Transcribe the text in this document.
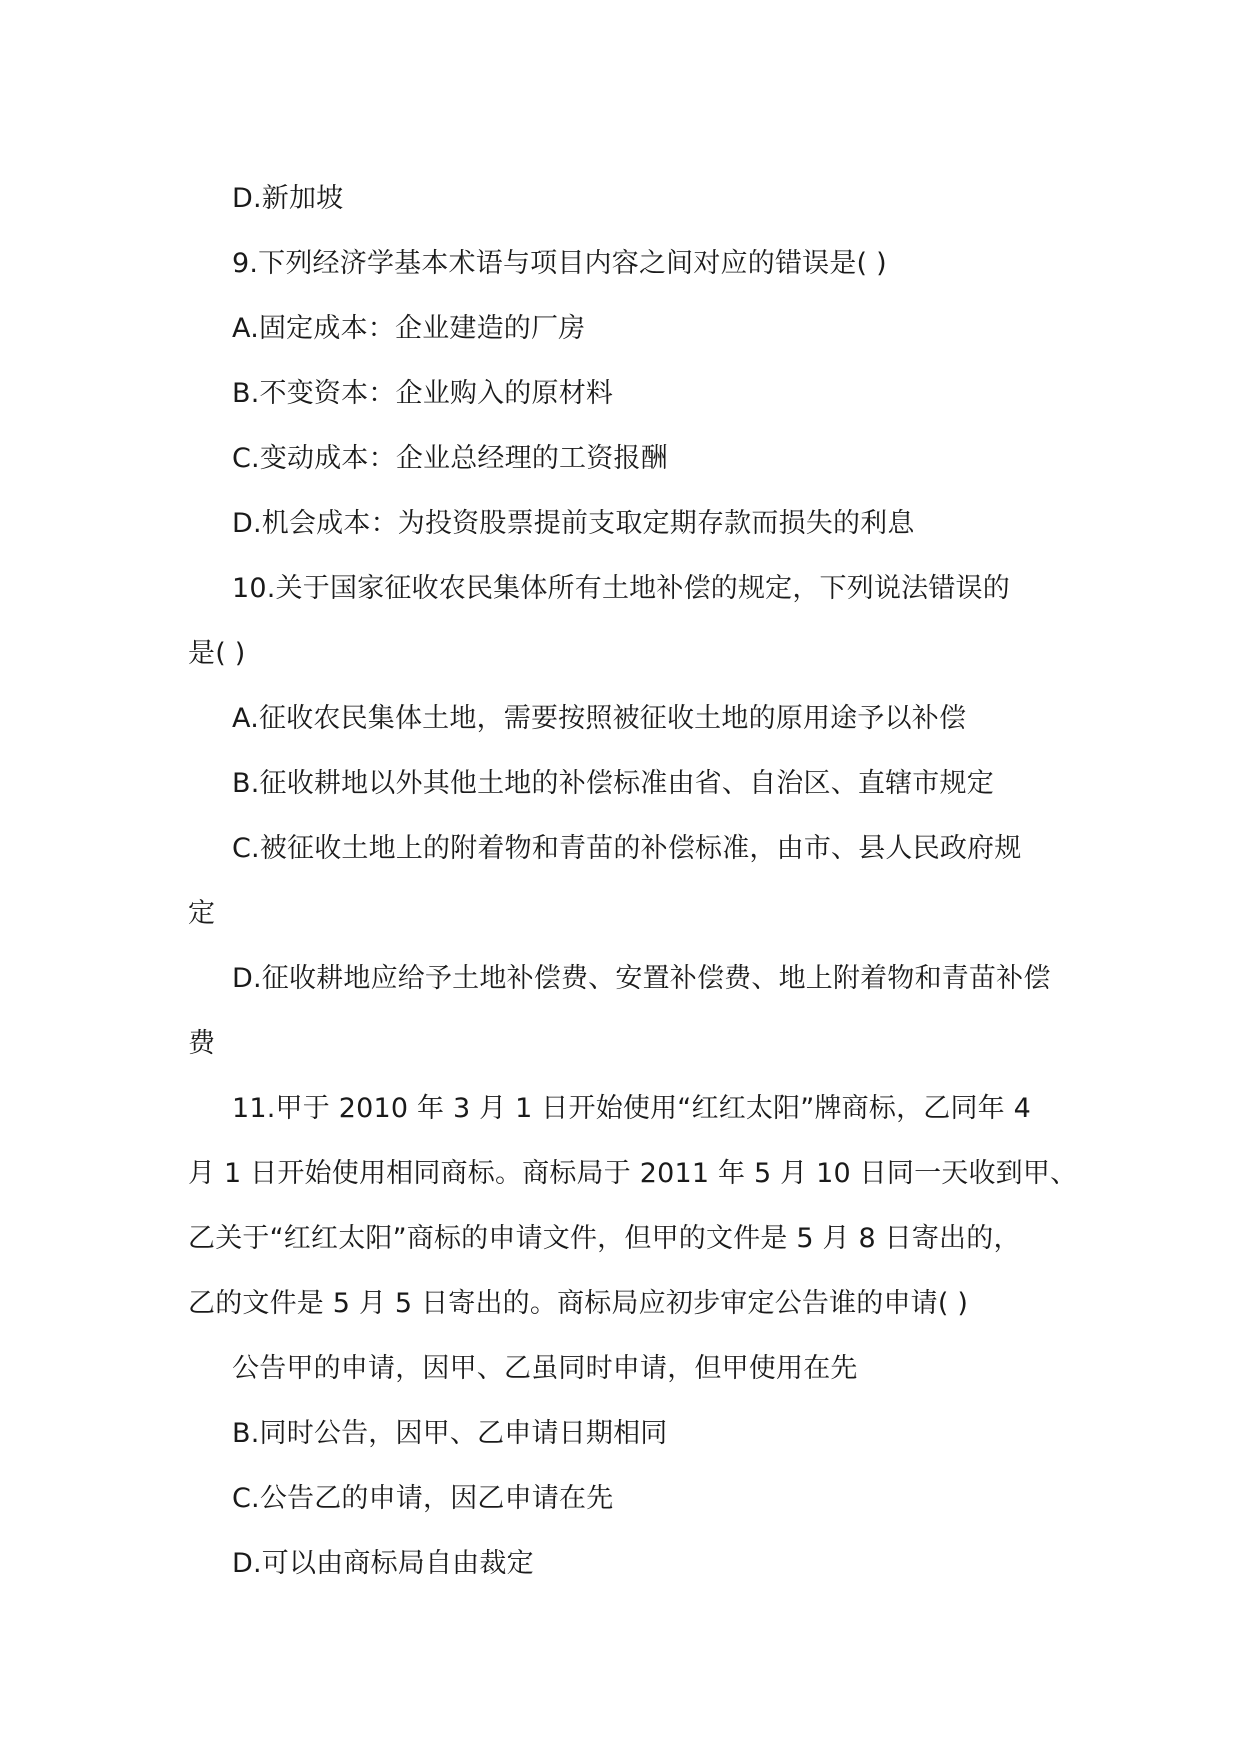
D.新加坡
9.下列经济学基本术语与项目内容之间对应的错误是( )
A.固定成本：企业建造的厂房
B.不变资本：企业购入的原材料
C.变动成本：企业总经理的工资报酬
D.机会成本：为投资股票提前支取定期存款而损失的利息
10.关于国家征收农民集体所有土地补偿的规定，下列说法错误的
是( )
A.征收农民集体土地，需要按照被征收土地的原用途予以补偿
B.征收耕地以外其他土地的补偿标准由省、自治区、直辖市规定
C.被征收土地上的附着物和青苗的补偿标准，由市、县人民政府规
定
D.征收耕地应给予土地补偿费、安置补偿费、地上附着物和青苗补偿
费
11.甲于 2010 年 3 月 1 日开始使用“红红太阳”牌商标，乙同年 4
月 1 日开始使用相同商标。商标局于 2011 年 5 月 10 日同一天收到甲、
乙关于“红红太阳”商标的申请文件，但甲的文件是 5 月 8 日寄出的，
乙的文件是 5 月 5 日寄出的。商标局应初步审定公告谁的申请( )
公告甲的申请，因甲、乙虽同时申请，但甲使用在先
B.同时公告，因甲、乙申请日期相同
C.公告乙的申请，因乙申请在先
D.可以由商标局自由裁定
